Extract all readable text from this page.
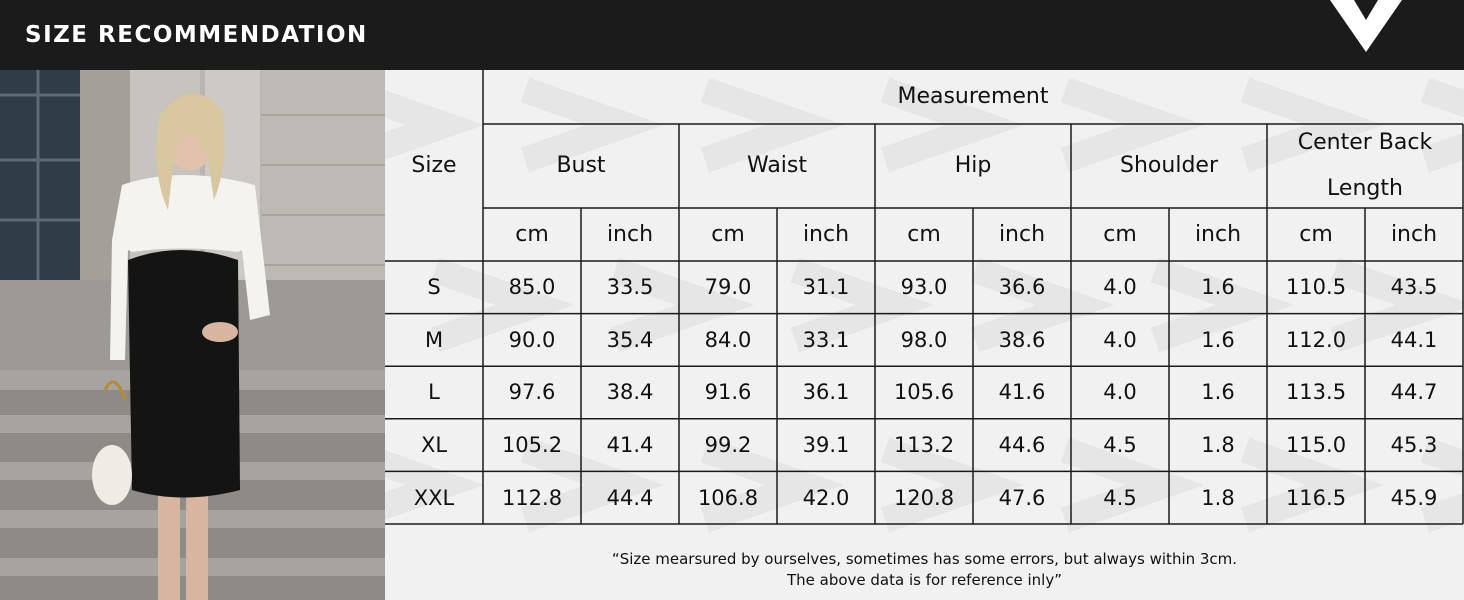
SIZE RECOMMENDATION
Size
Measurement
Bust	Waist	Hip	Shoulder
Center Back
Length
cm	inch	cm	inch	cm	inch	cm	inch	cm	inch
S	85.0	33.5	79.0	31.1	93.0	36.6	4.0	1.6	110.5	43.5
M	90.0	35.4	84.0	33.1	98.0	38.6	4.0	1.6	112.0	44.1
L	97.6	38.4	91.6	36.1	105.6	41.6	4.0	1.6	113.5	44.7
XL	105.2	41.4	99.2	39.1	113.2	44.6	4.5	1.8	115.0	45.3
XXL	112.8	44.4	106.8	42.0	120.8	47.6	4.5	1.8	116.5	45.9
“Size mearsured by ourselves, sometimes has some errors, but always within 3cm.
The above data is for reference inly”
